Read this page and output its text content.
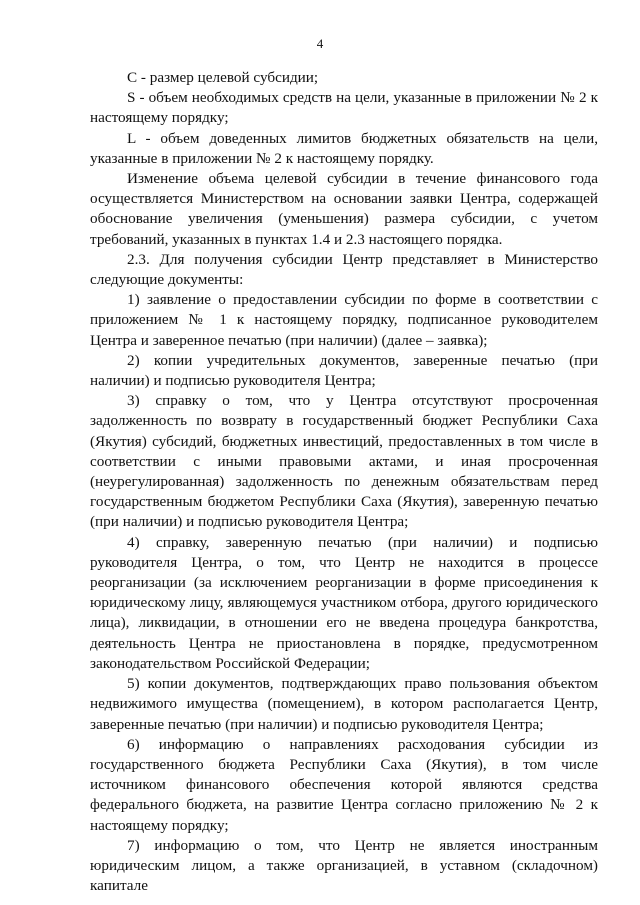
4

C - размер целевой субсидии;

S - объем необходимых средств на цели, указанные в приложении № 2 к настоящему порядку;

L - объем доведенных лимитов бюджетных обязательств на цели, указанные в приложении № 2 к настоящему порядку.

Изменение объема целевой субсидии в течение финансового года осуществляется Министерством на основании заявки Центра, содержащей обоснование увеличения (уменьшения) размера субсидии, с учетом требований, указанных в пунктах 1.4 и 2.3 настоящего порядка.

2.3. Для получения субсидии Центр представляет в Министерство следующие документы:

1) заявление о предоставлении субсидии по форме в соответствии с приложением № 1 к настоящему порядку, подписанное руководителем Центра и заверенное печатью (при наличии) (далее – заявка);

2) копии учредительных документов, заверенные печатью (при наличии) и подписью руководителя Центра;

3) справку о том, что у Центра отсутствуют просроченная задолженность по возврату в государственный бюджет Республики Саха (Якутия) субсидий, бюджетных инвестиций, предоставленных в том числе в соответствии с иными правовыми актами, и иная просроченная (неурегулированная) задолженность по денежным обязательствам перед государственным бюджетом Республики Саха (Якутия), заверенную печатью (при наличии) и подписью руководителя Центра;

4) справку, заверенную печатью (при наличии) и подписью руководителя Центра, о том, что Центр не находится в процессе реорганизации (за исключением реорганизации в форме присоединения к юридическому лицу, являющемуся участником отбора, другого юридического лица), ликвидации, в отношении его не введена процедура банкротства, деятельность Центра не приостановлена в порядке, предусмотренном законодательством Российской Федерации;

5) копии документов, подтверждающих право пользования объектом недвижимого имущества (помещением), в котором располагается Центр, заверенные печатью (при наличии) и подписью руководителя Центра;

6) информацию о направлениях расходования субсидии из государственного бюджета Республики Саха (Якутия), в том числе источником финансового обеспечения которой являются средства федерального бюджета, на развитие Центра согласно приложению № 2 к настоящему порядку;

7) информацию о том, что Центр не является иностранным юридическим лицом, а также организацией, в уставном (складочном) капитале
